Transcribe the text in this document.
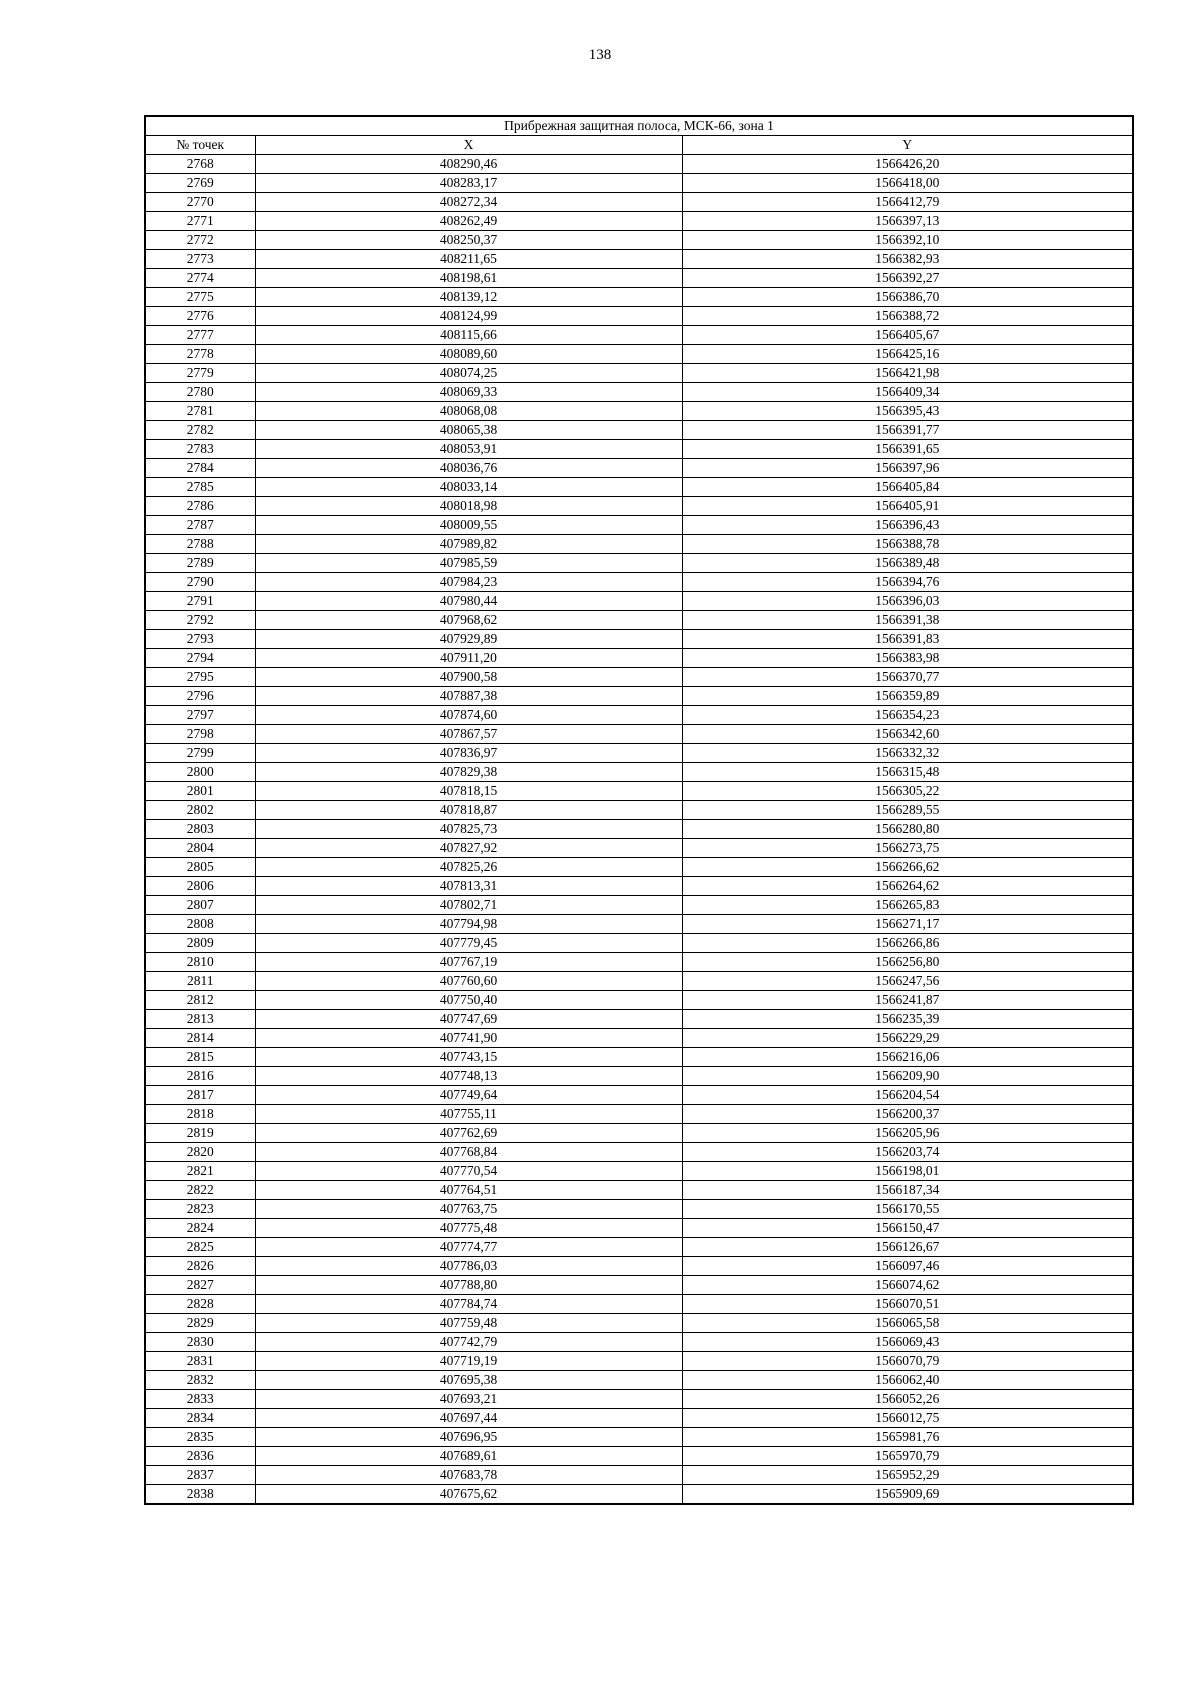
138
Прибрежная защитная полоса, МСК-66, зона 1		
№ точек	X	Y
2768	408290,46	1566426,20
2769	408283,17	1566418,00
2770	408272,34	1566412,79
2771	408262,49	1566397,13
2772	408250,37	1566392,10
2773	408211,65	1566382,93
2774	408198,61	1566392,27
2775	408139,12	1566386,70
2776	408124,99	1566388,72
2777	408115,66	1566405,67
2778	408089,60	1566425,16
2779	408074,25	1566421,98
2780	408069,33	1566409,34
2781	408068,08	1566395,43
2782	408065,38	1566391,77
2783	408053,91	1566391,65
2784	408036,76	1566397,96
2785	408033,14	1566405,84
2786	408018,98	1566405,91
2787	408009,55	1566396,43
2788	407989,82	1566388,78
2789	407985,59	1566389,48
2790	407984,23	1566394,76
2791	407980,44	1566396,03
2792	407968,62	1566391,38
2793	407929,89	1566391,83
2794	407911,20	1566383,98
2795	407900,58	1566370,77
2796	407887,38	1566359,89
2797	407874,60	1566354,23
2798	407867,57	1566342,60
2799	407836,97	1566332,32
2800	407829,38	1566315,48
2801	407818,15	1566305,22
2802	407818,87	1566289,55
2803	407825,73	1566280,80
2804	407827,92	1566273,75
2805	407825,26	1566266,62
2806	407813,31	1566264,62
2807	407802,71	1566265,83
2808	407794,98	1566271,17
2809	407779,45	1566266,86
2810	407767,19	1566256,80
2811	407760,60	1566247,56
2812	407750,40	1566241,87
2813	407747,69	1566235,39
2814	407741,90	1566229,29
2815	407743,15	1566216,06
2816	407748,13	1566209,90
2817	407749,64	1566204,54
2818	407755,11	1566200,37
2819	407762,69	1566205,96
2820	407768,84	1566203,74
2821	407770,54	1566198,01
2822	407764,51	1566187,34
2823	407763,75	1566170,55
2824	407775,48	1566150,47
2825	407774,77	1566126,67
2826	407786,03	1566097,46
2827	407788,80	1566074,62
2828	407784,74	1566070,51
2829	407759,48	1566065,58
2830	407742,79	1566069,43
2831	407719,19	1566070,79
2832	407695,38	1566062,40
2833	407693,21	1566052,26
2834	407697,44	1566012,75
2835	407696,95	1565981,76
2836	407689,61	1565970,79
2837	407683,78	1565952,29
2838	407675,62	1565909,69
